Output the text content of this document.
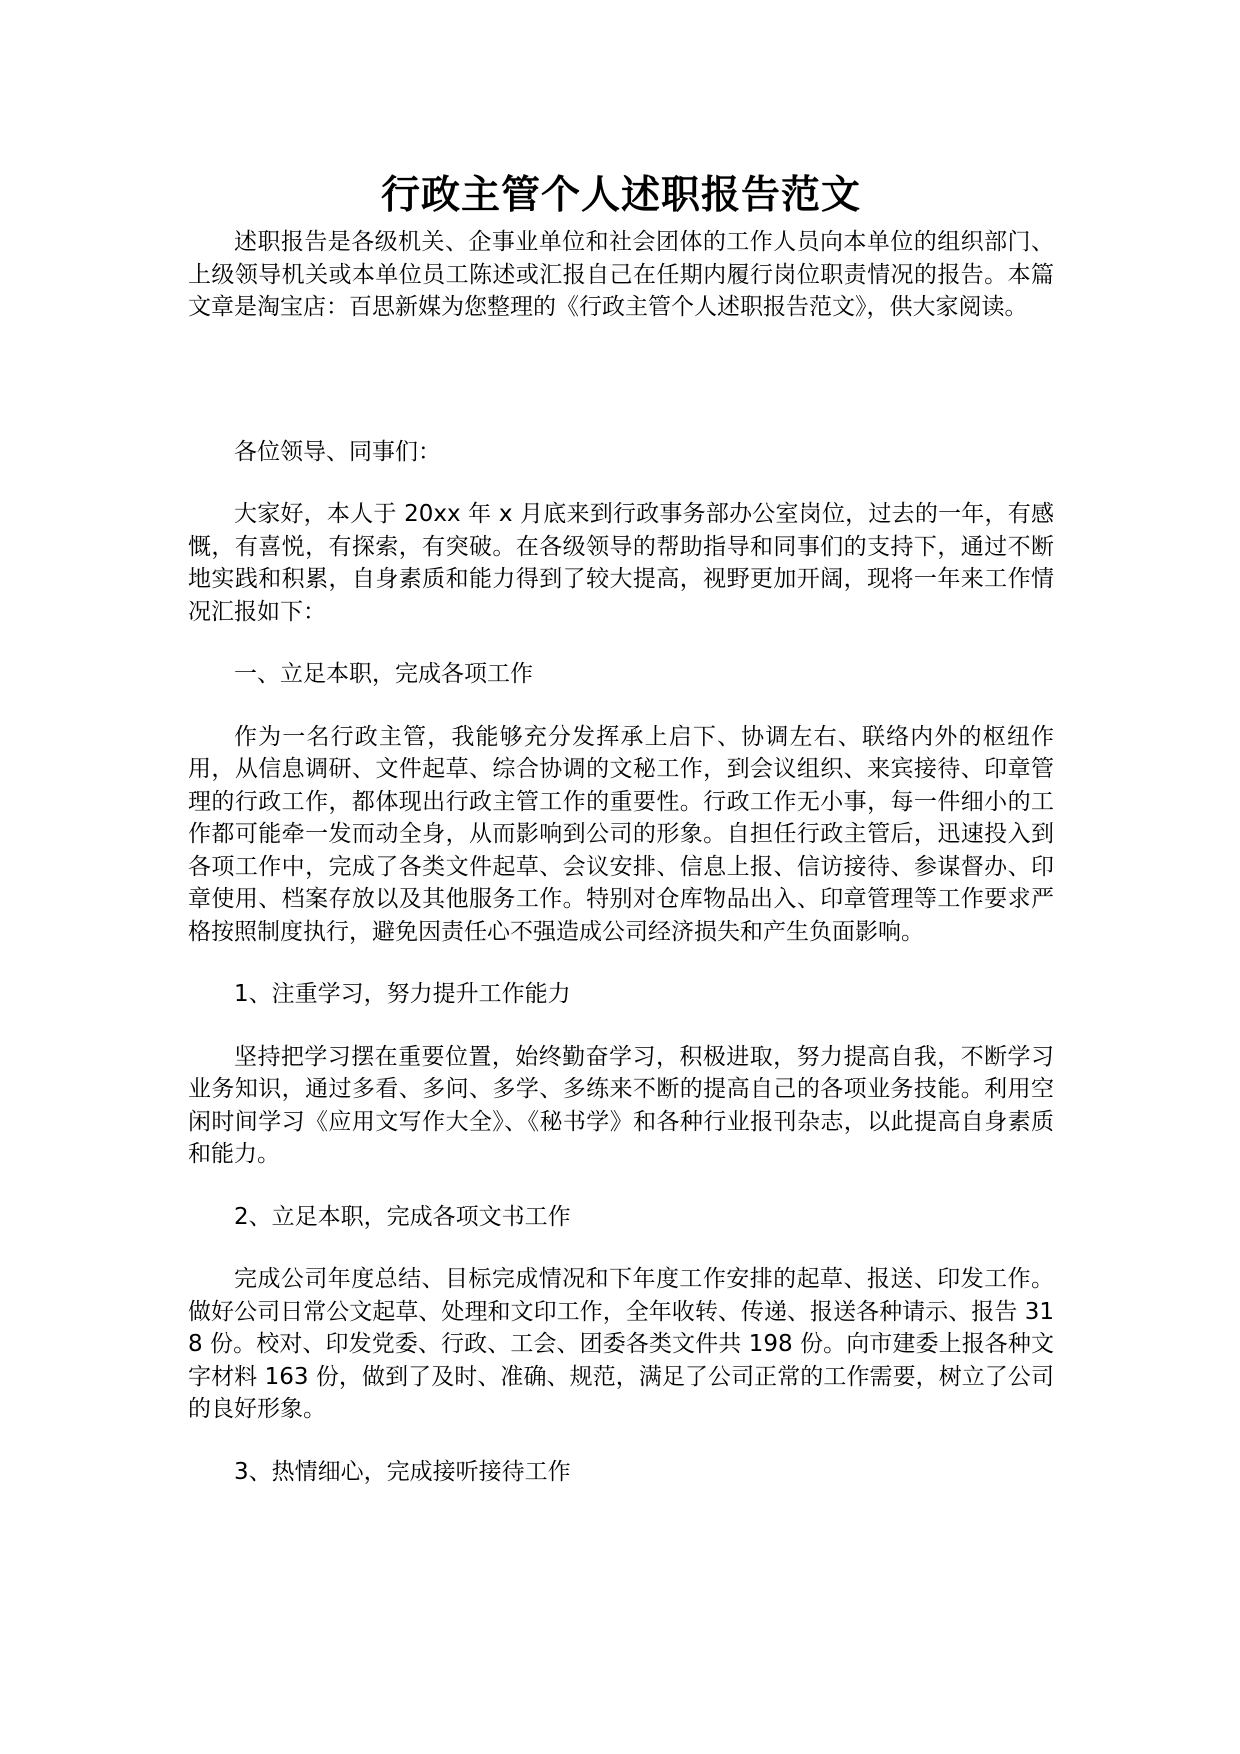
行政主管个人述职报告范文

述职报告是各级机关、企事业单位和社会团体的工作人员向本单位的组织部门、上级领导机关或本单位员工陈述或汇报自己在任期内履行岗位职责情况的报告。本篇文章是淘宝店：百思新媒为您整理的《行政主管个人述职报告范文》，供大家阅读。

各位领导、同事们：

大家好，本人于 20xx 年 x 月底来到行政事务部办公室岗位，过去的一年，有感慨，有喜悦，有探索，有突破。在各级领导的帮助指导和同事们的支持下，通过不断地实践和积累，自身素质和能力得到了较大提高，视野更加开阔，现将一年来工作情况汇报如下：

一、立足本职，完成各项工作

作为一名行政主管，我能够充分发挥承上启下、协调左右、联络内外的枢纽作用，从信息调研、文件起草、综合协调的文秘工作，到会议组织、来宾接待、印章管理的行政工作，都体现出行政主管工作的重要性。行政工作无小事，每一件细小的工作都可能牵一发而动全身，从而影响到公司的形象。自担任行政主管后，迅速投入到各项工作中，完成了各类文件起草、会议安排、信息上报、信访接待、参谋督办、印章使用、档案存放以及其他服务工作。特别对仓库物品出入、印章管理等工作要求严格按照制度执行，避免因责任心不强造成公司经济损失和产生负面影响。

1、注重学习，努力提升工作能力

坚持把学习摆在重要位置，始终勤奋学习，积极进取，努力提高自我，不断学习业务知识，通过多看、多问、多学、多练来不断的提高自己的各项业务技能。利用空闲时间学习《应用文写作大全》、《秘书学》和各种行业报刊杂志，以此提高自身素质和能力。

2、立足本职，完成各项文书工作

完成公司年度总结、目标完成情况和下年度工作安排的起草、报送、印发工作。做好公司日常公文起草、处理和文印工作，全年收转、传递、报送各种请示、报告 318 份。校对、印发党委、行政、工会、团委各类文件共 198 份。向市建委上报各种文字材料 163 份，做到了及时、准确、规范，满足了公司正常的工作需要，树立了公司的良好形象。

3、热情细心，完成接听接待工作
